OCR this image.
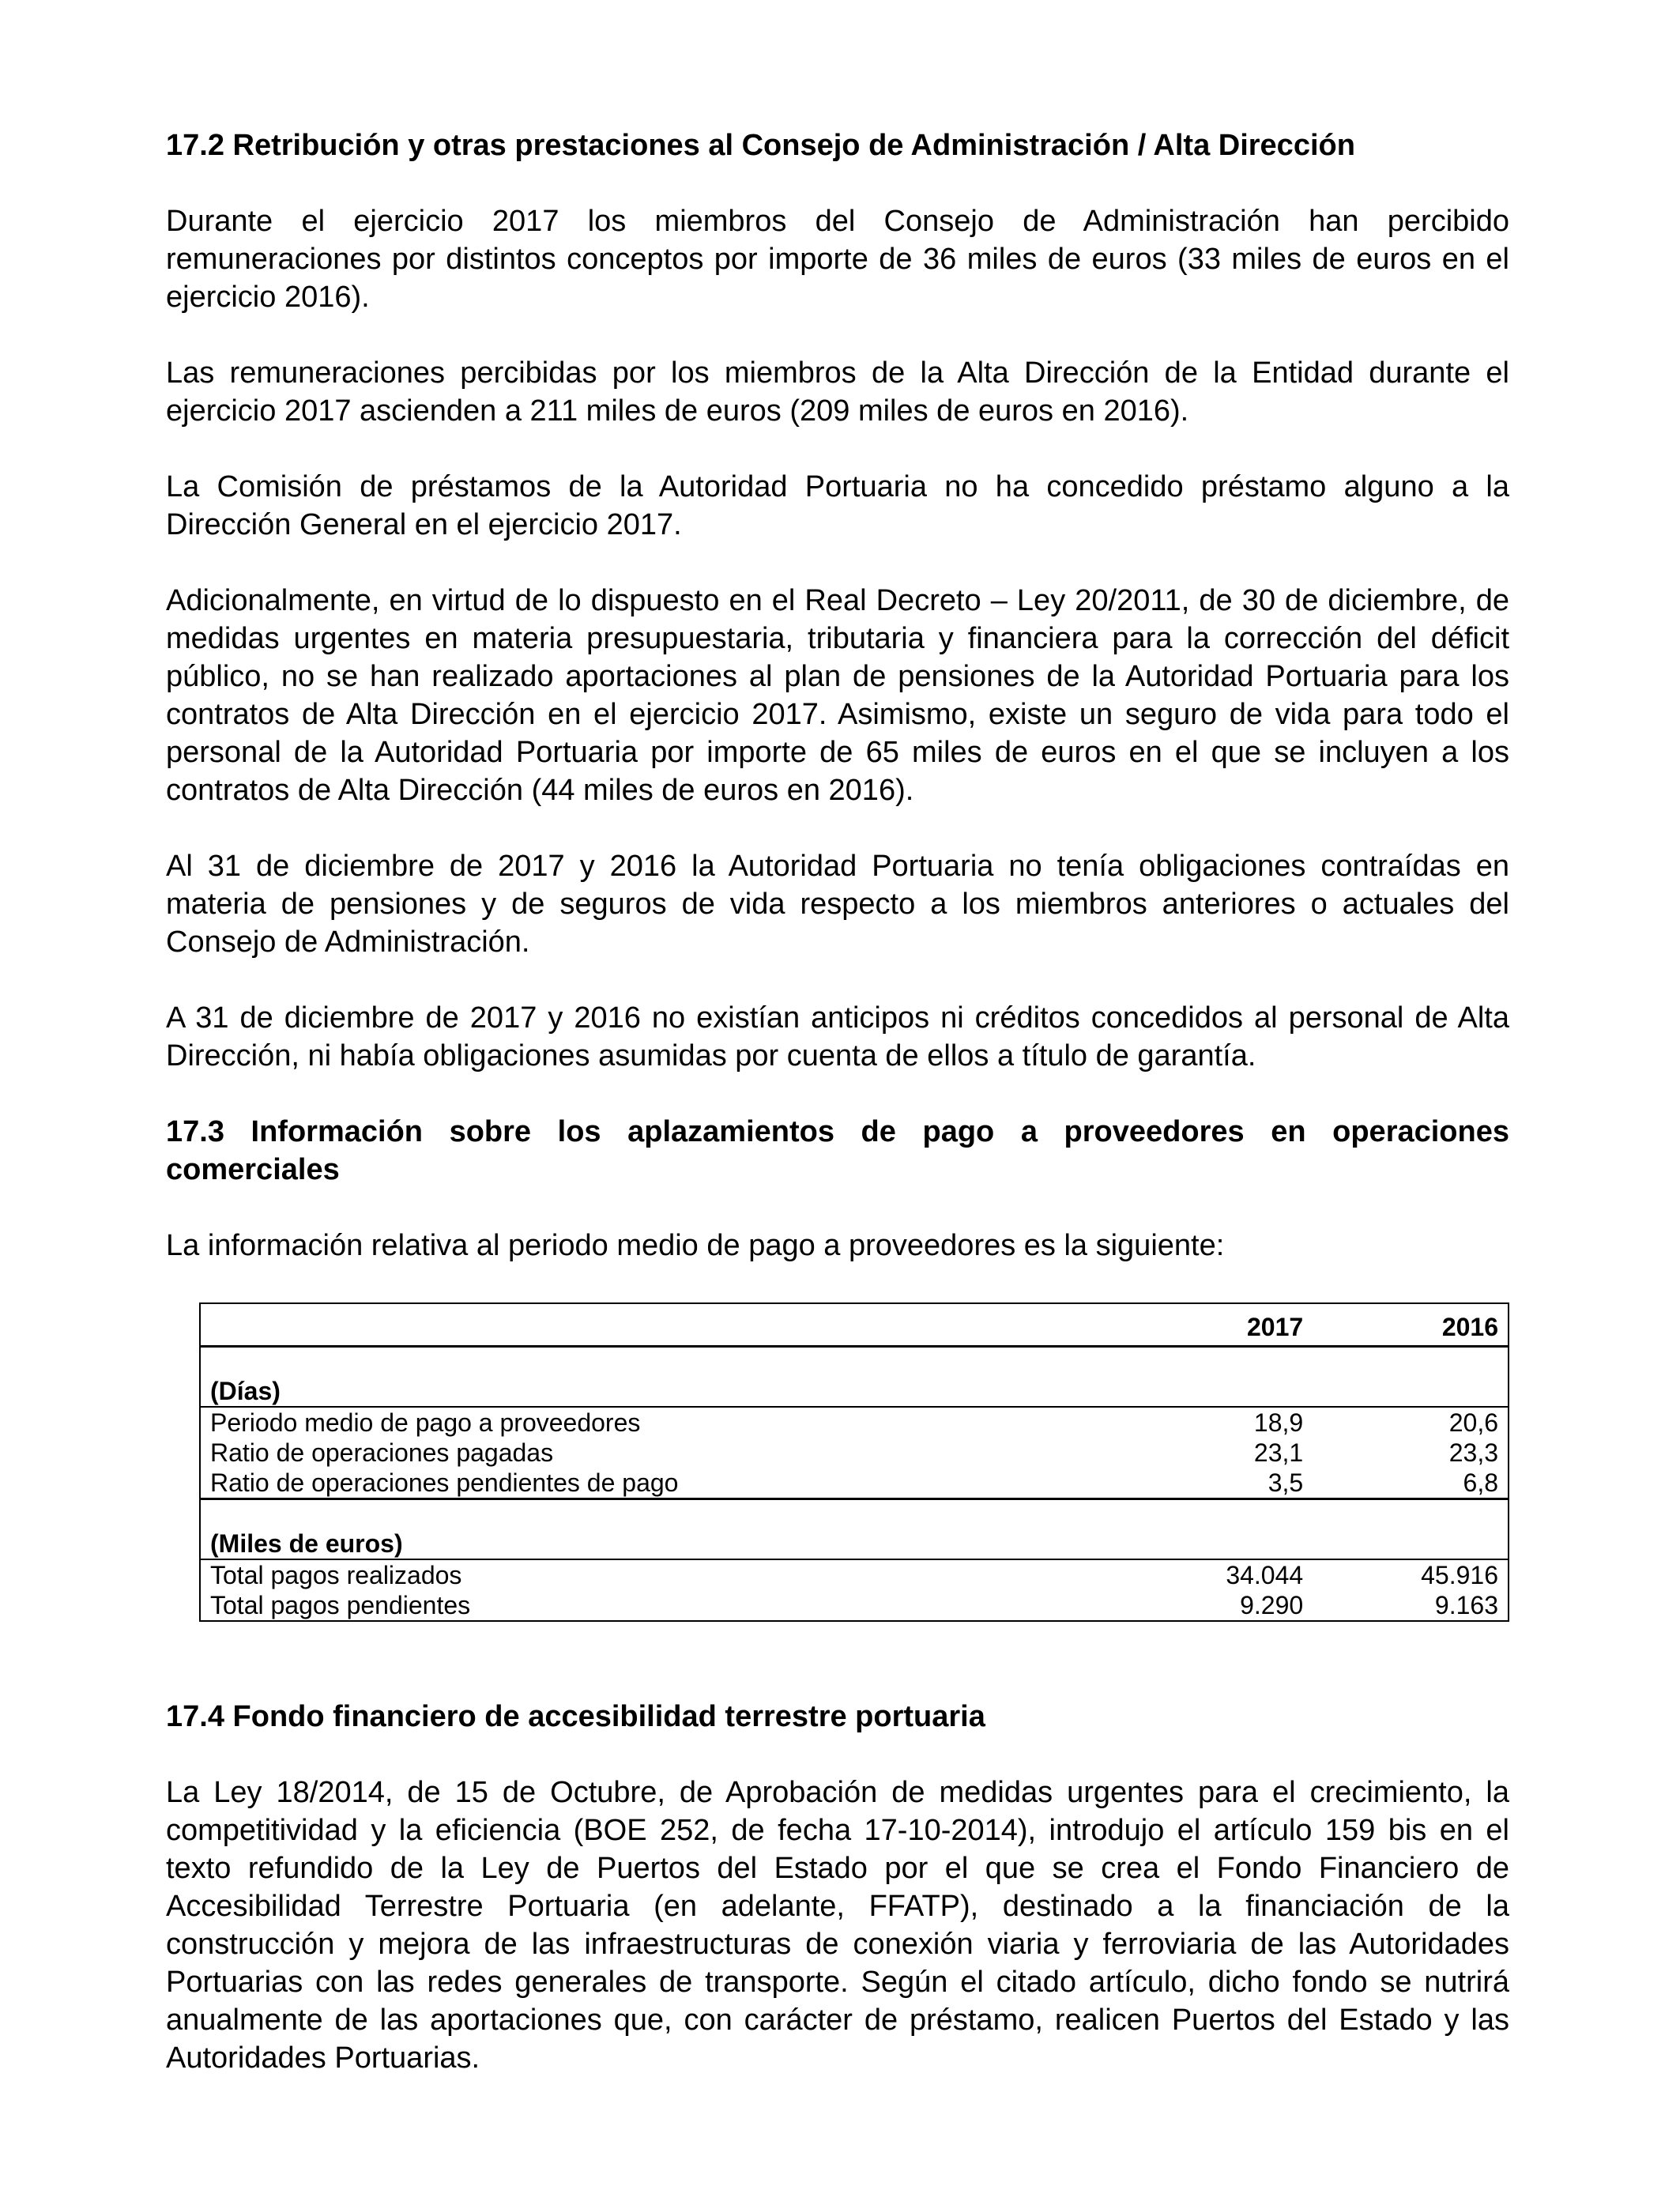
17.2 Retribución y otras prestaciones al Consejo de Administración / Alta Dirección

Durante el ejercicio 2017 los miembros del Consejo de Administración han percibido remuneraciones por distintos conceptos por importe de 36 miles de euros (33 miles de euros en el ejercicio 2016).

Las remuneraciones percibidas por los miembros de la Alta Dirección de la Entidad durante el ejercicio 2017 ascienden a 211 miles de euros (209 miles de euros en 2016).

La Comisión de préstamos de la Autoridad Portuaria no ha concedido préstamo alguno a la Dirección General en el ejercicio 2017.

Adicionalmente, en virtud de lo dispuesto en el Real Decreto – Ley 20/2011, de 30 de diciembre, de medidas urgentes en materia presupuestaria, tributaria y financiera para la corrección del déficit público, no se han realizado aportaciones al plan de pensiones de la Autoridad Portuaria para los contratos de Alta Dirección en el ejercicio 2017. Asimismo, existe un seguro de vida para todo el personal de la Autoridad Portuaria por importe de 65 miles de euros en el que se incluyen a los contratos de Alta Dirección (44 miles de euros en 2016).

Al 31 de diciembre de 2017 y 2016 la Autoridad Portuaria no tenía obligaciones contraídas en materia de pensiones y de seguros de vida respecto a los miembros anteriores o actuales del Consejo de Administración.

A 31 de diciembre de 2017 y 2016 no existían anticipos ni créditos concedidos al personal de Alta Dirección, ni había obligaciones asumidas por cuenta de ellos a título de garantía.

17.3 Información sobre los aplazamientos de pago a proveedores en operaciones comerciales

La información relativa al periodo medio de pago a proveedores es la siguiente:

	2017	2016
(Días)		
Periodo medio de pago a proveedores	18,9	20,6
Ratio de operaciones pagadas	23,1	23,3
Ratio de operaciones pendientes de pago	3,5	6,8
(Miles de euros)		
Total pagos realizados	34.044	45.916
Total pagos pendientes	9.290	9.163
17.4 Fondo financiero de accesibilidad terrestre portuaria

La Ley 18/2014, de 15 de Octubre, de Aprobación de medidas urgentes para el crecimiento, la competitividad y la eficiencia (BOE 252, de fecha 17-10-2014), introdujo el artículo 159 bis en el texto refundido de la Ley de Puertos del Estado por el que se crea el Fondo Financiero de Accesibilidad Terrestre Portuaria (en adelante, FFATP), destinado a la financiación de la construcción y mejora de las infraestructuras de conexión viaria y ferroviaria de las Autoridades Portuarias con las redes generales de transporte. Según el citado artículo, dicho fondo se nutrirá anualmente de las aportaciones que, con carácter de préstamo, realicen Puertos del Estado y las Autoridades Portuarias.
